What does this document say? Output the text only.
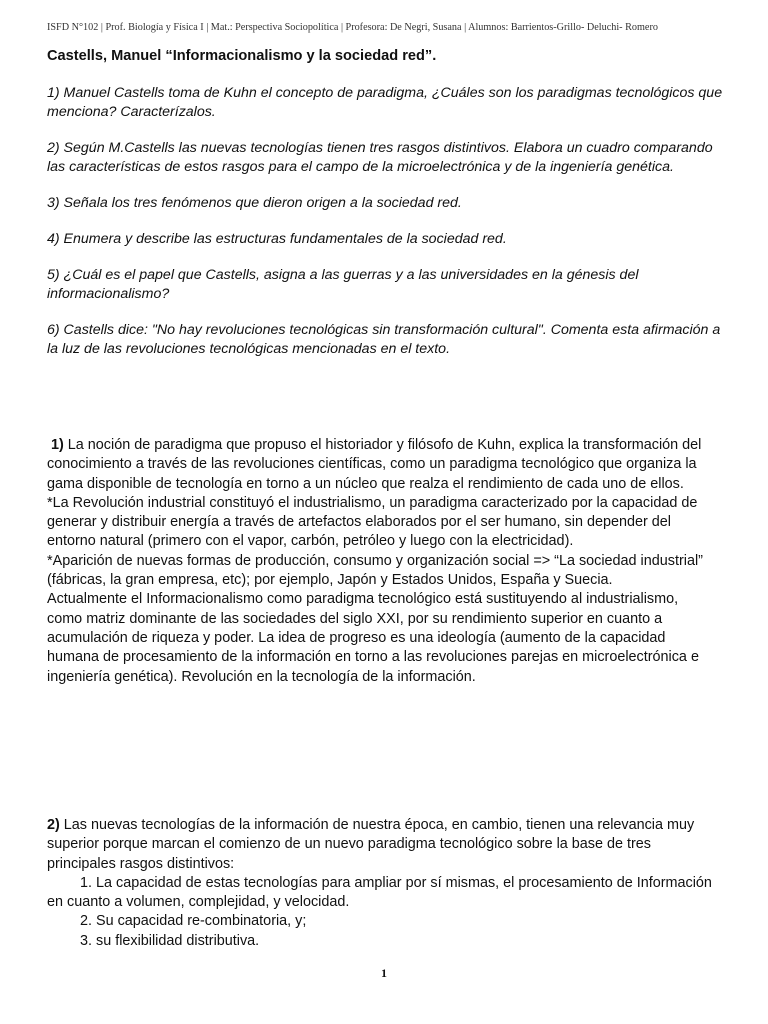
ISFD N°102 | Prof. Biología y Física I | Mat.: Perspectiva Sociopolítica | Profesora: De Negri, Susana | Alumnos: Barrientos-Grillo- Deluchi- Romero
Castells, Manuel “Informacionalismo y la sociedad red”.

1) Manuel Castells toma de Kuhn el concepto de paradigma, ¿Cuáles son los paradigmas tecnológicos que menciona? Caracterízalos.

2) Según M.Castells las nuevas tecnologías tienen tres rasgos distintivos. Elabora un cuadro comparando las características de estos rasgos para el campo de la microelectrónica y de la ingeniería genética.

3) Señala los tres fenómenos que dieron origen a la sociedad red.

4) Enumera y describe las estructuras fundamentales de la sociedad red.

5) ¿Cuál es el papel que Castells, asigna a las guerras y a las universidades en la génesis del informacionalismo?

6) Castells dice: "No hay revoluciones tecnológicas sin transformación cultural". Comenta esta afirmación a la luz de las revoluciones tecnológicas mencionadas en el texto.

1) La noción de paradigma que propuso el historiador y filósofo de Kuhn, explica la transformación del conocimiento a través de las revoluciones científicas, como un paradigma tecnológico que organiza la gama disponible de tecnología en torno a un núcleo que realza el rendimiento de cada uno de ellos.

*La Revolución industrial constituyó el industrialismo, un paradigma caracterizado por la capacidad de generar y distribuir energía a través de artefactos elaborados por el ser humano, sin depender del entorno natural (primero con el vapor, carbón, petróleo y luego con la electricidad).

*Aparición de nuevas formas de producción, consumo y organización social => “La sociedad industrial” (fábricas, la gran empresa, etc); por ejemplo, Japón y Estados Unidos, España y Suecia.

Actualmente el Informacionalismo como paradigma tecnológico está sustituyendo al industrialismo, como matriz dominante de las sociedades del siglo XXI, por su rendimiento superior en cuanto a acumulación de riqueza y poder. La idea de progreso es una ideología (aumento de la capacidad humana de procesamiento de la información en torno a las revoluciones parejas en microelectrónica e ingeniería genética). Revolución en la tecnología de la información.

2) Las nuevas tecnologías de la información de nuestra época, en cambio, tienen una relevancia muy superior porque marcan el comienzo de un nuevo paradigma tecnológico sobre la base de tres principales rasgos distintivos:

1. La capacidad de estas tecnologías para ampliar por sí mismas, el procesamiento de Información en cuanto a volumen, complejidad, y velocidad.

2. Su capacidad re-combinatoria, y;

3. su flexibilidad distributiva.

1
